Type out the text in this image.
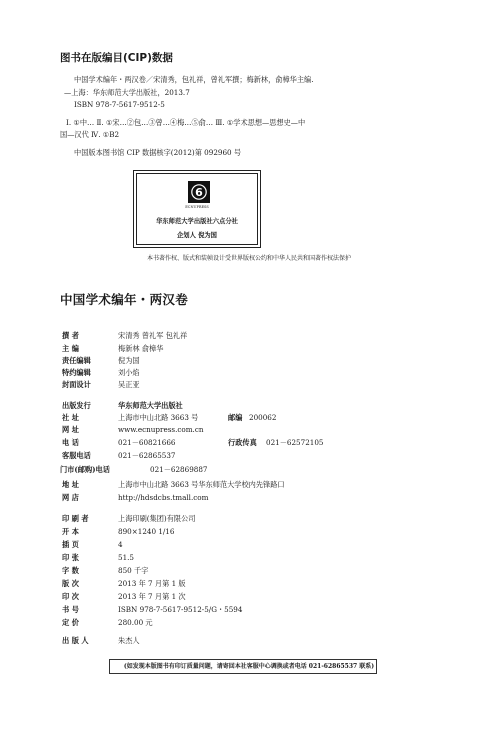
图书在版编目(CIP)数据
中国学术编年・两汉卷／宋清秀，包礼祥，曾礼军撰；梅新林，俞樟华主编.
—上海：华东师范大学出版社，2013.7
ISBN 978-7-5617-9512-5
Ⅰ. ①中… Ⅱ. ①宋…②包…③曾…④梅…⑤俞… Ⅲ. ①学术思想—思想史—中
国—汉代 Ⅳ. ①B2
中国版本图书馆 CIP 数据核字(2012)第 092960 号
6
ECNUPRESS
华东师范大学出版社六点分社
企划人 倪为国
本书著作权、版式和装帧设计受世界版权公约和中华人民共和国著作权法保护
中国学术编年・两汉卷
撰 者	宋清秀 曾礼军 包礼祥
主 编	梅新林 俞樟华
责任编辑	倪为国
特约编辑	刘小焰
封面设计	吴正亚
出版发行	华东师范大学出版社
社 址	上海市中山北路 3663 号	邮编 200062
网 址	www.ecnupress.com.cn
电 话	021－60821666	行政传真 021－62572105
客服电话	021－62865537
门市(邮购)电话	021－62869887
地 址	上海市中山北路 3663 号华东师范大学校内先锋路口
网 店	http://hdsdcbs.tmall.com
印 刷 者	上海印刷(集团)有限公司
开 本	890×1240 1/16
插 页	4
印 张	51.5
字 数	850 千字
版 次	2013 年 7 月第 1 版
印 次	2013 年 7 月第 1 次
书 号	ISBN 978-7-5617-9512-5/G・5594
定 价	280.00 元
出 版 人	朱杰人
(如发现本版图书有印订质量问题，请寄回本社客服中心调换或者电话 021-62865537 联系)
